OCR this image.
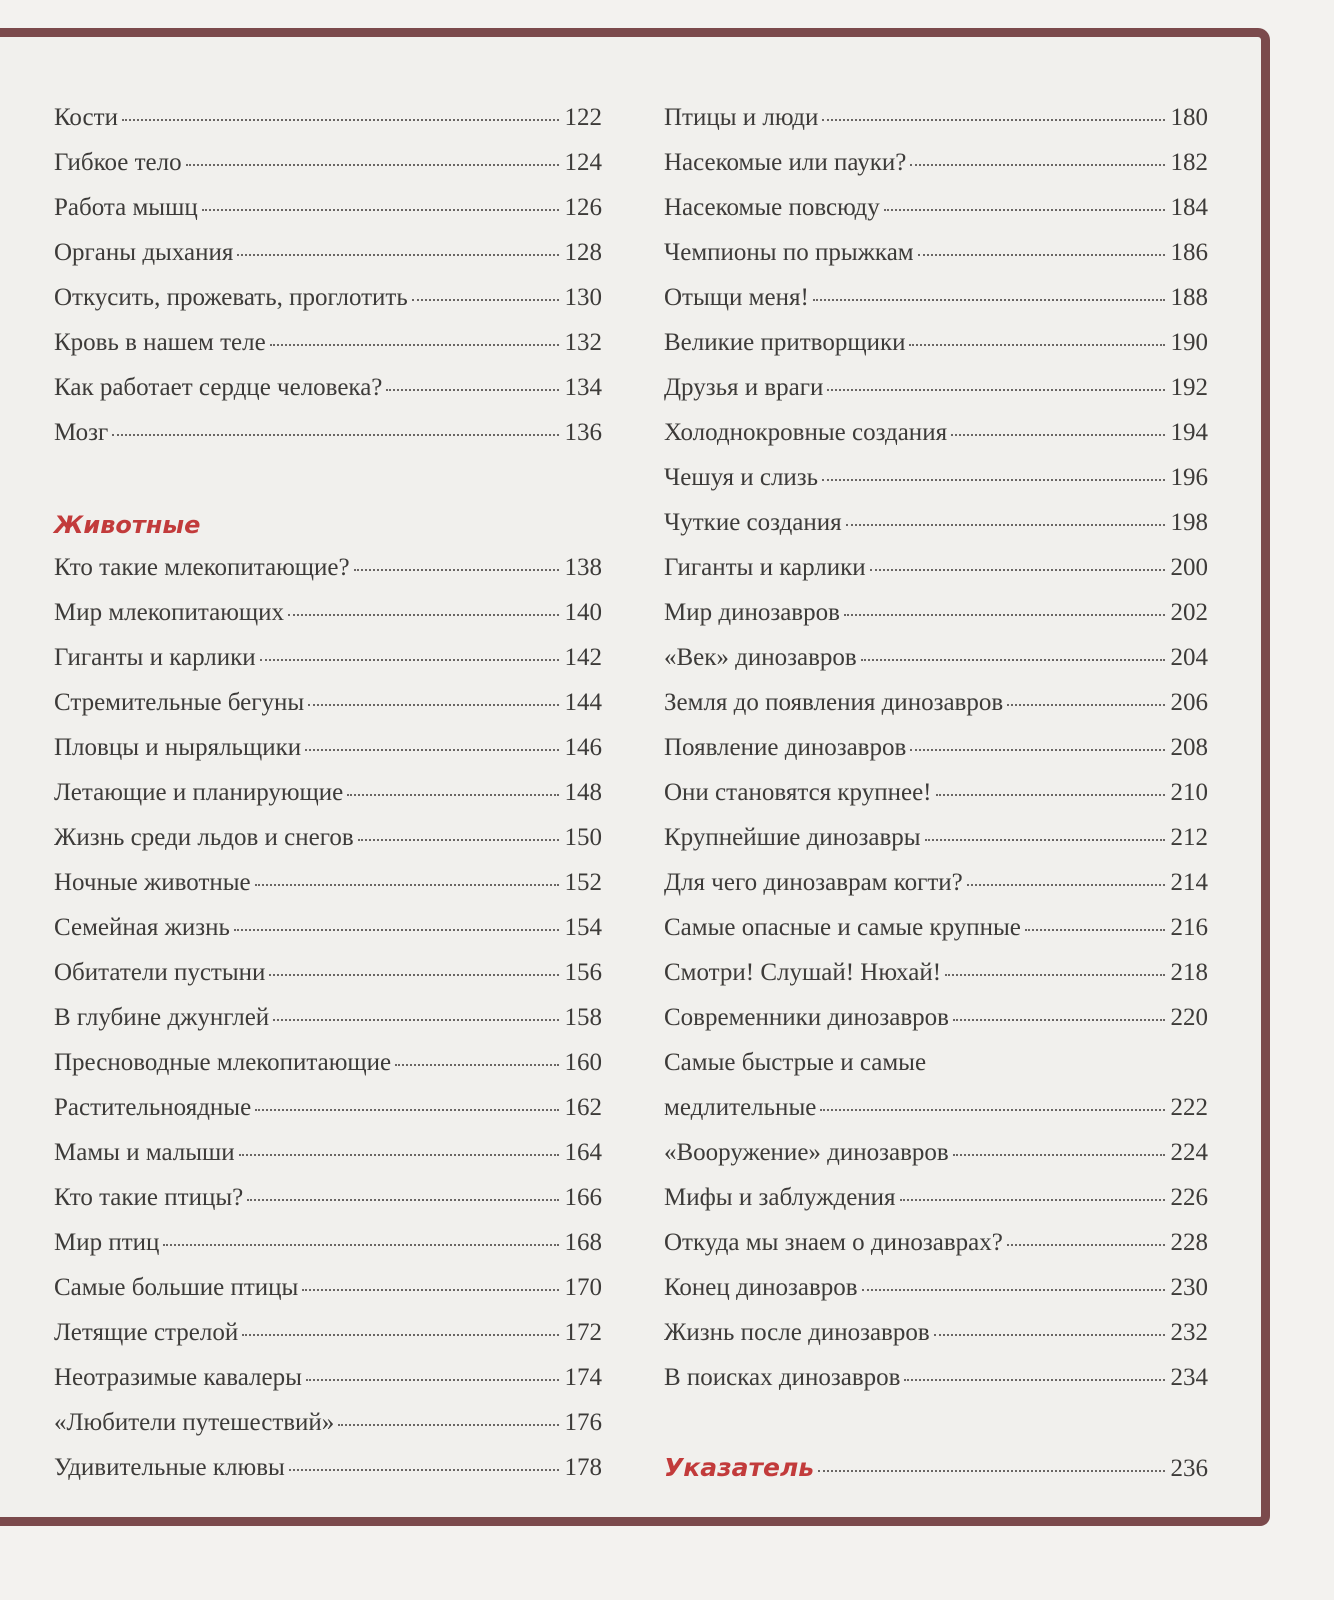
Кости	122
Гибкое тело	124
Работа мышц	126
Органы дыхания	128
Откусить, прожевать, проглотить	130
Кровь в нашем теле	132
Как работает сердце человека?	134
Мозг	136
Животные
Кто такие млекопитающие?	138
Мир млекопитающих	140
Гиганты и карлики	142
Стремительные бегуны	144
Пловцы и ныряльщики	146
Летающие и планирующие	148
Жизнь среди льдов и снегов	150
Ночные животные	152
Семейная жизнь	154
Обитатели пустыни	156
В глубине джунглей	158
Пресноводные млекопитающие	160
Растительноядные	162
Мамы и малыши	164
Кто такие птицы?	166
Мир птиц	168
Самые большие птицы	170
Летящие стрелой	172
Неотразимые кавалеры	174
«Любители путешествий»	176
Удивительные клювы	178
Птицы и люди	180
Насекомые или пауки?	182
Насекомые повсюду	184
Чемпионы по прыжкам	186
Отыщи меня!	188
Великие притворщики	190
Друзья и враги	192
Холоднокровные создания	194
Чешуя и слизь	196
Чуткие создания	198
Гиганты и карлики	200
Мир динозавров	202
«Век» динозавров	204
Земля до появления динозавров	206
Появление динозавров	208
Они становятся крупнее!	210
Крупнейшие динозавры	212
Для чего динозаврам когти?	214
Самые опасные и самые крупные	216
Смотри! Слушай! Нюхай!	218
Современники динозавров	220
Самые быстрые и самые
медлительные	222
«Вооружение» динозавров	224
Мифы и заблуждения	226
Откуда мы знаем о динозаврах?	228
Конец динозавров	230
Жизнь после динозавров	232
В поисках динозавров	234
Указатель	236
